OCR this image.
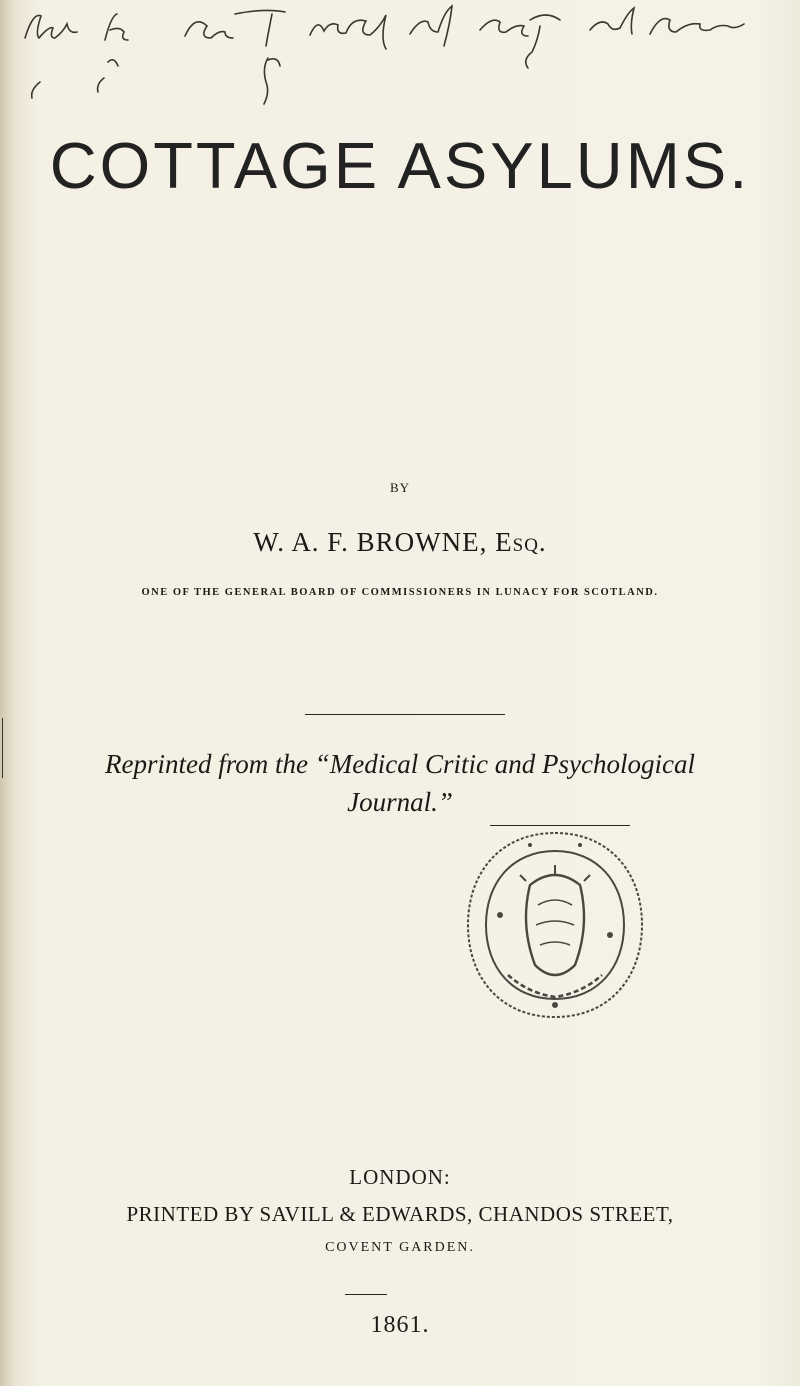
COTTAGE ASYLUMS.
BY
W. A. F. BROWNE, Esq.
ONE OF THE GENERAL BOARD OF COMMISSIONERS IN LUNACY FOR SCOTLAND.
Reprinted from the “Medical Critic and Psychological
Journal.”
LONDON:
PRINTED BY SAVILL & EDWARDS, CHANDOS STREET,
COVENT GARDEN.
1861.
